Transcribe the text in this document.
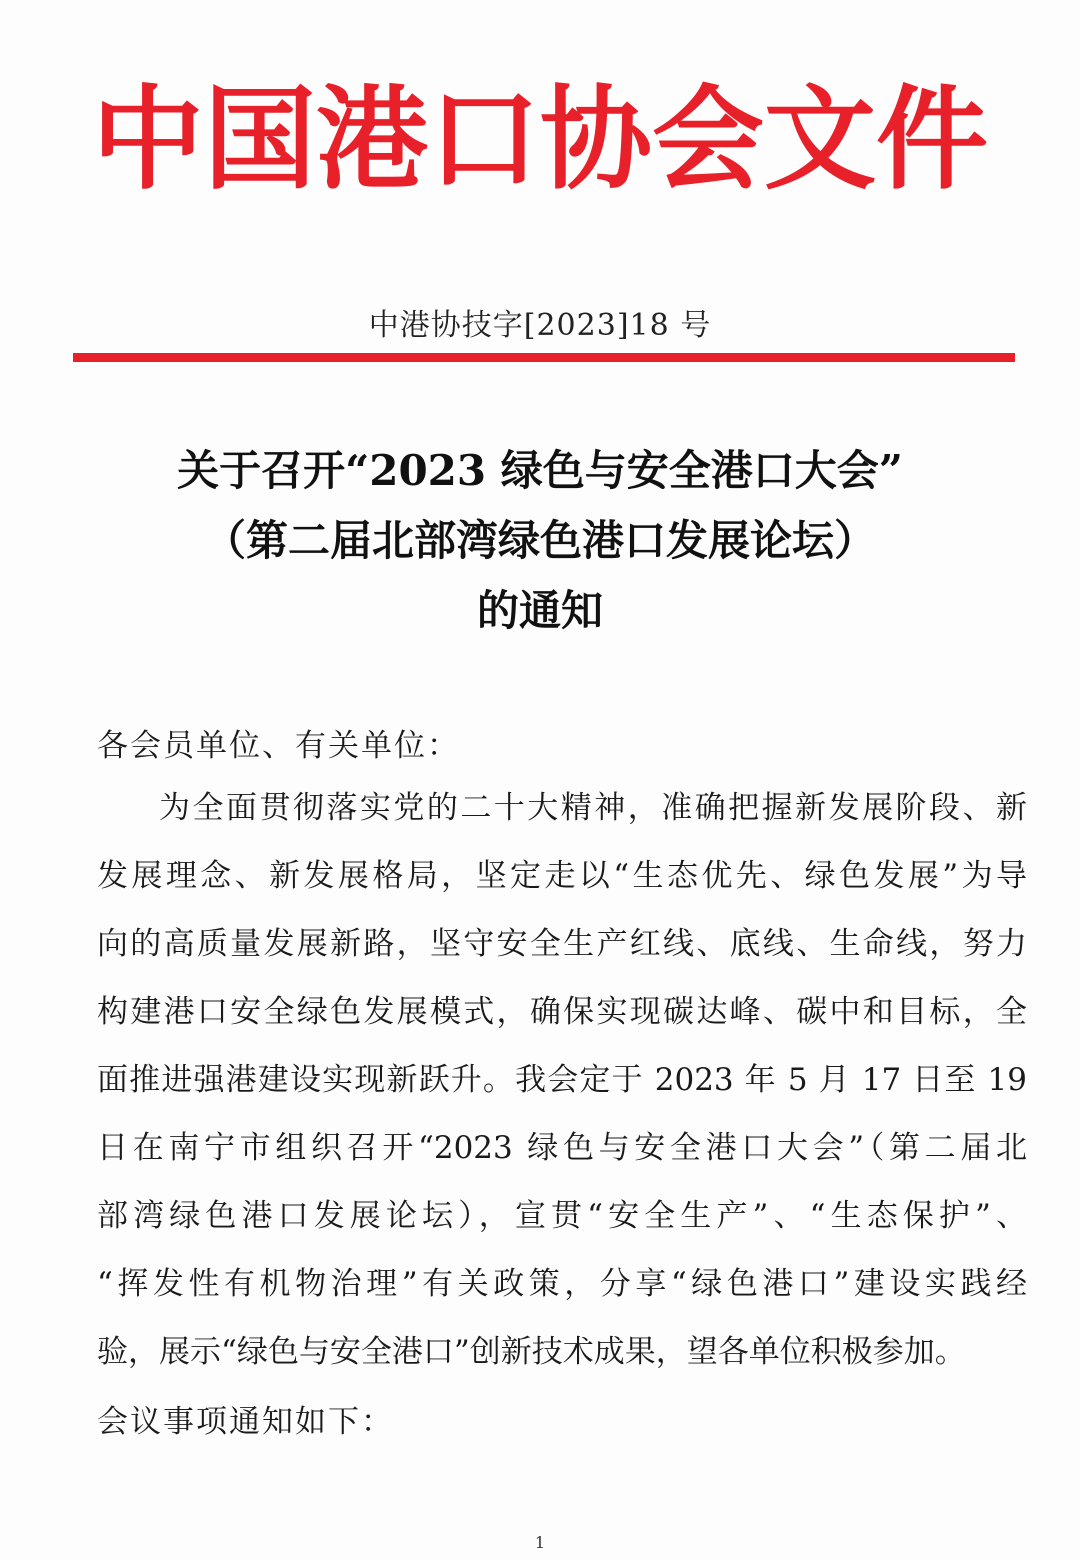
中国港口协会文件
中港协技字[2023]18 号
关于召开“2023 绿色与安全港口大会”
（第二届北部湾绿色港口发展论坛）
的通知
各会员单位、有关单位：
为全面贯彻落实党的二十大精神，准确把握新发展阶段、新
发展理念、新发展格局，坚定走以“生态优先、绿色发展”为导
向的高质量发展新路，坚守安全生产红线、底线、生命线，努力
构建港口安全绿色发展模式，确保实现碳达峰、碳中和目标，全
面推进强港建设实现新跃升。我会定于 2023 年 5 月 17 日至 19
日在南宁市组织召开“2023 绿色与安全港口大会”（第二届北
部湾绿色港口发展论坛），宣贯“安全生产”、“生态保护”、
“挥发性有机物治理”有关政策，分享“绿色港口”建设实践经
验，展示“绿色与安全港口”创新技术成果，望各单位积极参加。
会议事项通知如下：
1
